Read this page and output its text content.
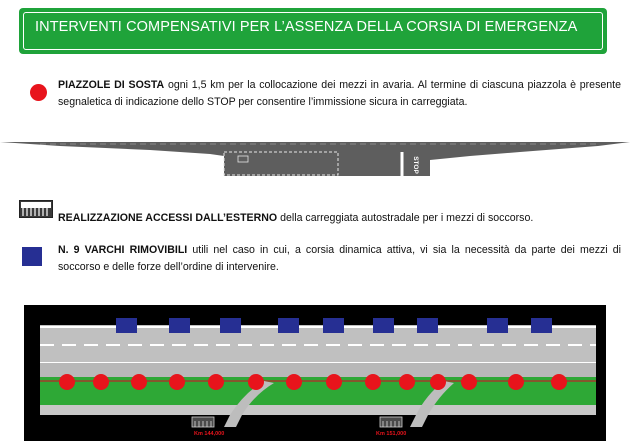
INTERVENTI COMPENSATIVI PER L’ASSENZA DELLA CORSIA DI EMERGENZA
PIAZZOLE DI SOSTA ogni 1,5 km per la collocazione dei mezzi in avaria. Al termine di ciascuna piazzola è presente segnaletica di indicazione dello STOP per consentire l’immissione sicura in carreggiata.
STOP
REALIZZAZIONE ACCESSI DALL’ESTERNO della carreggiata autostradale per i mezzi di soccorso.
N. 9 VARCHI RIMOVIBILI utili nel caso in cui, a corsia dinamica attiva, vi sia la necessità da parte dei mezzi di soccorso e delle forze dell’ordine di intervenire.
Km 144,000	Km 151,000
